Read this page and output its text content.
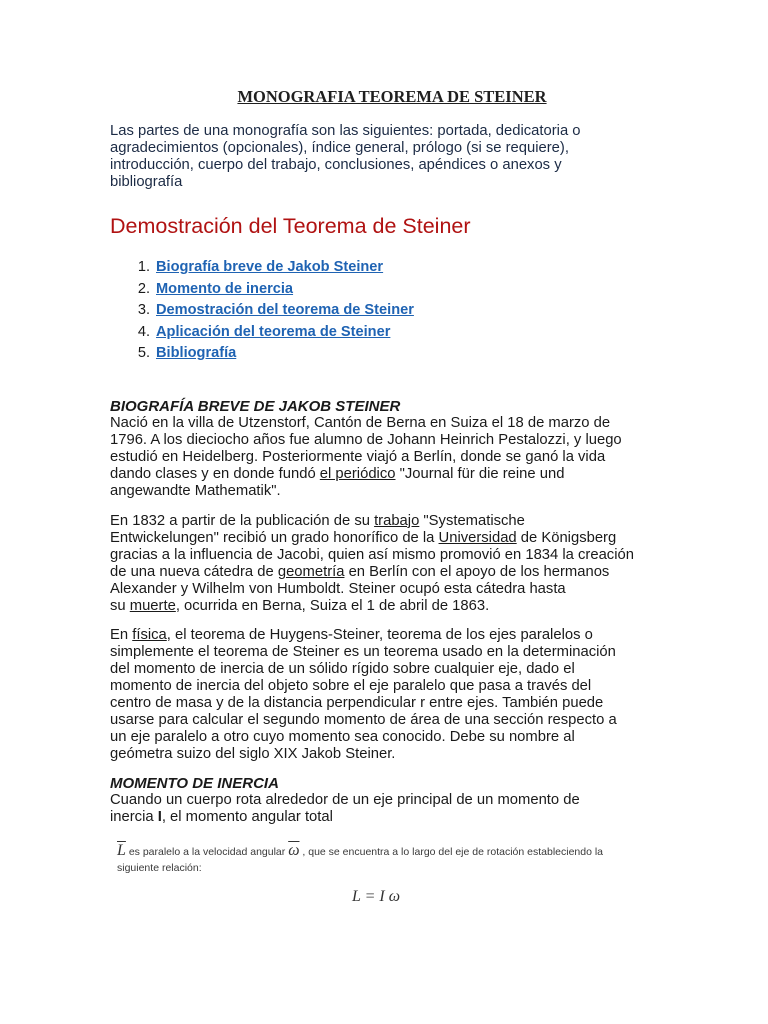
MONOGRAFIA TEOREMA DE STEINER

Las partes de una monografía son las siguientes: portada, dedicatoria o
agradecimientos (opcionales), índice general, prólogo (si se requiere),
introducción, cuerpo del trabajo, conclusiones, apéndices o anexos y
bibliografía

Demostración del Teorema de Steiner
1. Biografía breve de Jakob Steiner
2. Momento de inercia
3. Demostración del teorema de Steiner
4. Aplicación del teorema de Steiner
5. Bibliografía
BIOGRAFÍA BREVE DE JAKOB STEINER

Nació en la villa de Utzenstorf, Cantón de Berna en Suiza el 18 de marzo de
1796. A los dieciocho años fue alumno de Johann Heinrich Pestalozzi, y luego
estudió en Heidelberg. Posteriormente viajó a Berlín, donde se ganó la vida
dando clases y en donde fundó el periódico "Journal für die reine und
angewandte Mathematik".

En 1832 a partir de la publicación de su trabajo "Systematische
Entwickelungen" recibió un grado honorífico de la Universidad de Königsberg
gracias a la influencia de Jacobi, quien así mismo promovió en 1834 la creación
de una nueva cátedra de geometría en Berlín con el apoyo de los hermanos
Alexander y Wilhelm von Humboldt. Steiner ocupó esta cátedra hasta
su muerte, ocurrida en Berna, Suiza el 1 de abril de 1863.

En física, el teorema de Huygens-Steiner, teorema de los ejes paralelos o
simplemente el teorema de Steiner es un teorema usado en la determinación
del momento de inercia de un sólido rígido sobre cualquier eje, dado el
momento de inercia del objeto sobre el eje paralelo que pasa a través del
centro de masa y de la distancia perpendicular r entre ejes. También puede
usarse para calcular el segundo momento de área de una sección respecto a
un eje paralelo a otro cuyo momento sea conocido. Debe su nombre al
geómetra suizo del siglo XIX Jakob Steiner.

MOMENTO DE INERCIA

Cuando un cuerpo rota alrededor de un eje principal de un momento de
inercia I, el momento angular total

$\overline{L}$ es paralelo a la velocidad angular $\overline{\omega}$ , que se encuentra a lo largo del eje de rotación estableciendo la
siguiente relación:
L = I ω
